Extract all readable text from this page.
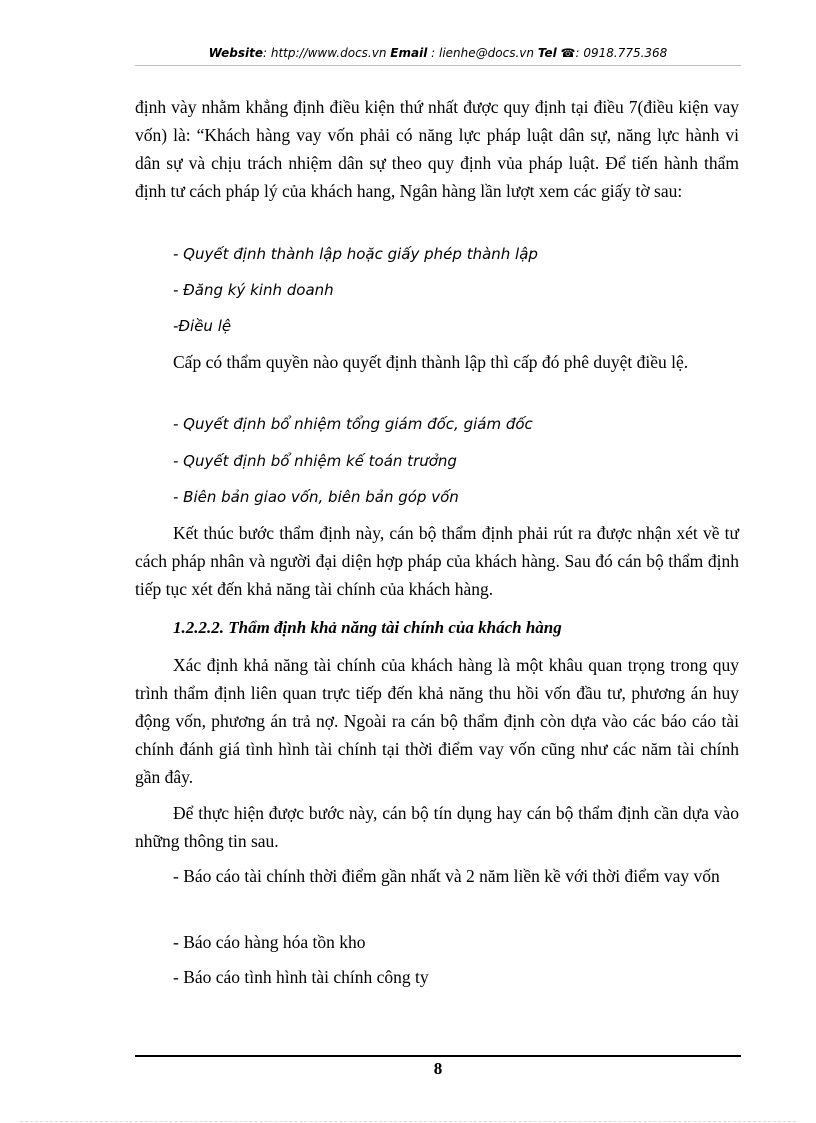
Website: http://www.docs.vn Email : lienhe@docs.vn Tel ☎: 0918.775.368

định vày nhằm khẳng định điều kiện thứ nhất được quy định tại điều 7(điều kiện vay vốn) là: “Khách hàng vay vốn phải có năng lực pháp luật dân sự, năng lực hành vi dân sự và chịu trách nhiệm dân sự theo quy định vủa pháp luật. Để tiến hành thẩm định tư cách pháp lý của khách hang, Ngân hàng lần lượt xem các giấy tờ sau:

- Quyết định thành lập hoặc giấy phép thành lập

- Đăng ký kinh doanh

-Điều lệ

Cấp có thẩm quyền nào quyết định thành lập thì cấp đó phê duyệt điều lệ.

- Quyết định bổ nhiệm tổng giám đốc, giám đốc

- Quyết định bổ nhiệm kế toán trưởng

- Biên bản giao vốn, biên bản góp vốn

Kết thúc bước thẩm định này, cán bộ thẩm định phải rút ra được nhận xét về tư cách pháp nhân và người đại diện hợp pháp của khách hàng. Sau đó cán bộ thẩm định tiếp tục xét đến khả năng tài chính của khách hàng.

1.2.2.2. Thẩm định khả năng tài chính của khách hàng

Xác định khả năng tài chính của khách hàng là một khâu quan trọng trong quy trình thẩm định liên quan trực tiếp đến khả năng thu hồi vốn đầu tư, phương án huy động vốn, phương án trả nợ. Ngoài ra cán bộ thẩm định còn dựa vào các báo cáo tài chính đánh giá tình hình tài chính tại thời điểm vay vốn cũng như các năm tài chính gần đây.

Để thực hiện được bước này, cán bộ tín dụng hay cán bộ thẩm định cần dựa vào những thông tin sau.

- Báo cáo tài chính thời điểm gần nhất và 2 năm liền kề với thời điểm vay vốn

- Báo cáo hàng hóa tồn kho

- Báo cáo tình hình tài chính công ty

8
